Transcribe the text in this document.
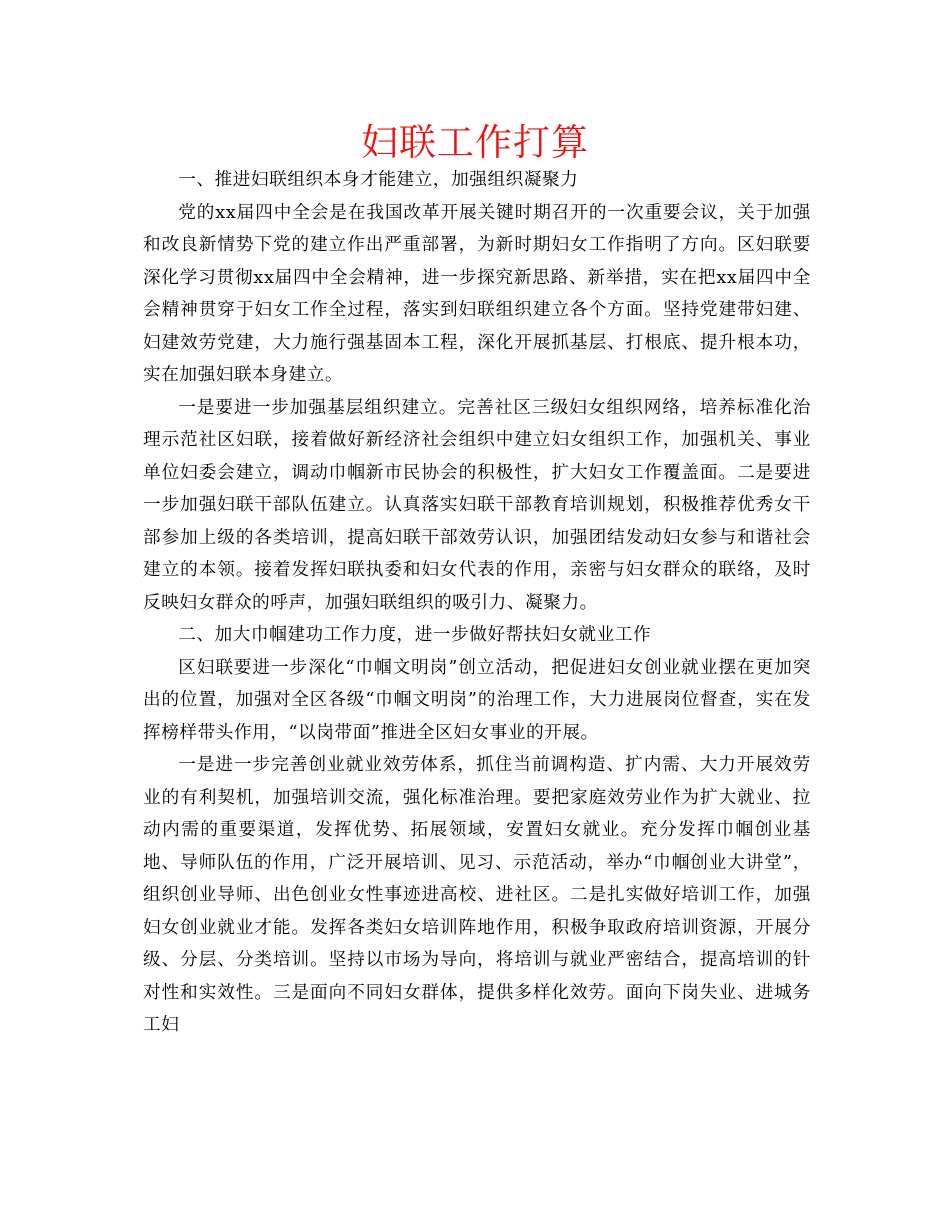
妇联工作打算

一、推进妇联组织本身才能建立，加强组织凝聚力

党的xx届四中全会是在我国改革开展关键时期召开的一次重要会议，关于加强和改良新情势下党的建立作出严重部署，为新时期妇女工作指明了方向。区妇联要深化学习贯彻xx届四中全会精神，进一步探究新思路、新举措，实在把xx届四中全会精神贯穿于妇女工作全过程，落实到妇联组织建立各个方面。坚持党建带妇建、妇建效劳党建，大力施行强基固本工程，深化开展抓基层、打根底、提升根本功，实在加强妇联本身建立。

一是要进一步加强基层组织建立。完善社区三级妇女组织网络，培养标准化治理示范社区妇联，接着做好新经济社会组织中建立妇女组织工作，加强机关、事业单位妇委会建立，调动巾帼新市民协会的积极性，扩大妇女工作覆盖面。二是要进一步加强妇联干部队伍建立。认真落实妇联干部教育培训规划，积极推荐优秀女干部参加上级的各类培训，提高妇联干部效劳认识，加强团结发动妇女参与和谐社会建立的本领。接着发挥妇联执委和妇女代表的作用，亲密与妇女群众的联络，及时反映妇女群众的呼声，加强妇联组织的吸引力、凝聚力。

二、加大巾帼建功工作力度，进一步做好帮扶妇女就业工作

区妇联要进一步深化“巾帼文明岗”创立活动，把促进妇女创业就业摆在更加突出的位置，加强对全区各级“巾帼文明岗”的治理工作，大力进展岗位督查，实在发挥榜样带头作用，“以岗带面”推进全区妇女事业的开展。

一是进一步完善创业就业效劳体系，抓住当前调构造、扩内需、大力开展效劳业的有利契机，加强培训交流，强化标准治理。要把家庭效劳业作为扩大就业、拉动内需的重要渠道，发挥优势、拓展领域，安置妇女就业。充分发挥巾帼创业基地、导师队伍的作用，广泛开展培训、见习、示范活动，举办“巾帼创业大讲堂”，组织创业导师、出色创业女性事迹进高校、进社区。二是扎实做好培训工作，加强妇女创业就业才能。发挥各类妇女培训阵地作用，积极争取政府培训资源，开展分级、分层、分类培训。坚持以市场为导向，将培训与就业严密结合，提高培训的针对性和实效性。三是面向不同妇女群体，提供多样化效劳。面向下岗失业、进城务工妇
